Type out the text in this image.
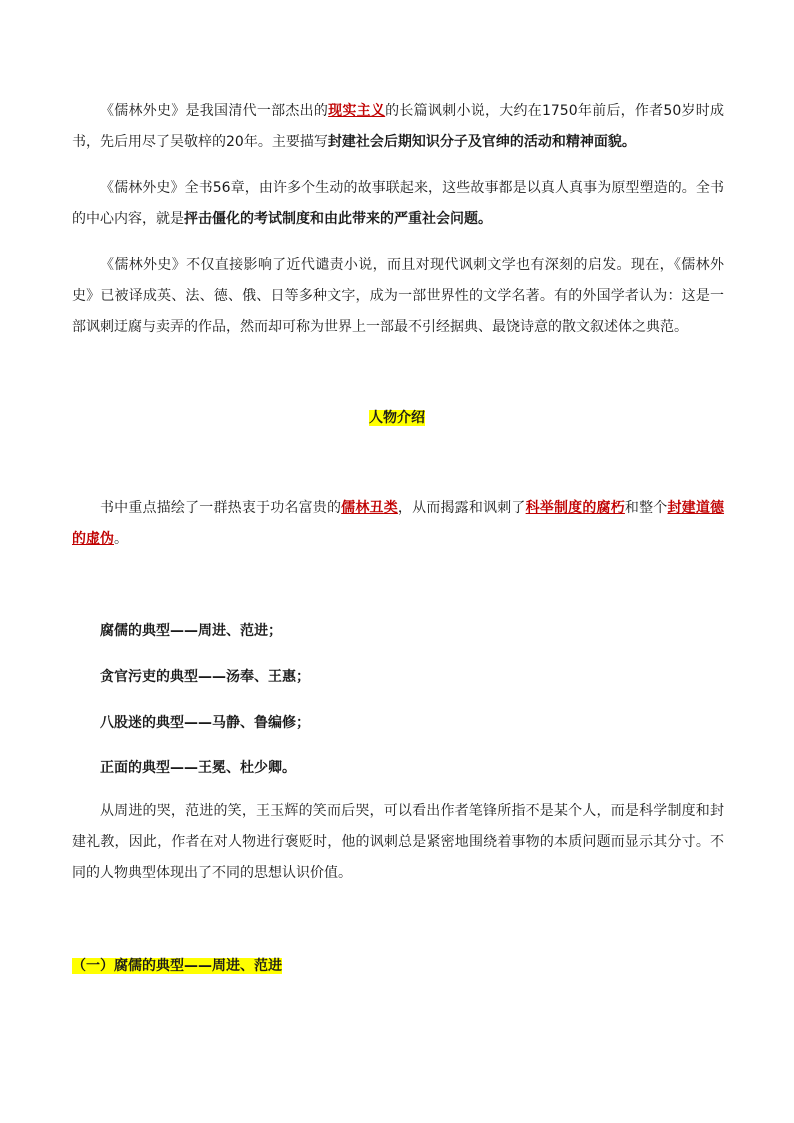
《儒林外史》是我国清代一部杰出的现实主义的长篇讽刺小说，大约在1750年前后，作者50岁时成书，先后用尽了吴敬梓的20年。主要描写封建社会后期知识分子及官绅的活动和精神面貌。

《儒林外史》全书56章，由许多个生动的故事联起来，这些故事都是以真人真事为原型塑造的。全书的中心内容，就是抨击僵化的考试制度和由此带来的严重社会问题。

《儒林外史》不仅直接影响了近代谴责小说，而且对现代讽刺文学也有深刻的启发。现在，《儒林外史》已被译成英、法、德、俄、日等多种文字，成为一部世界性的文学名著。有的外国学者认为：这是一部讽刺迂腐与卖弄的作品，然而却可称为世界上一部最不引经据典、最饶诗意的散文叙述体之典范。

人物介绍

书中重点描绘了一群热衷于功名富贵的儒林丑类，从而揭露和讽刺了科举制度的腐朽和整个封建道德的虚伪。

腐儒的典型——周进、范进；

贪官污吏的典型——汤奉、王惠；

八股迷的典型——马静、鲁编修；

正面的典型——王冕、杜少卿。

从周进的哭，范进的笑，王玉辉的笑而后哭，可以看出作者笔锋所指不是某个人，而是科学制度和封建礼教，因此，作者在对人物进行褒贬时，他的讽刺总是紧密地围绕着事物的本质问题而显示其分寸。不同的人物典型体现出了不同的思想认识价值。

（一）腐儒的典型——周进、范进
